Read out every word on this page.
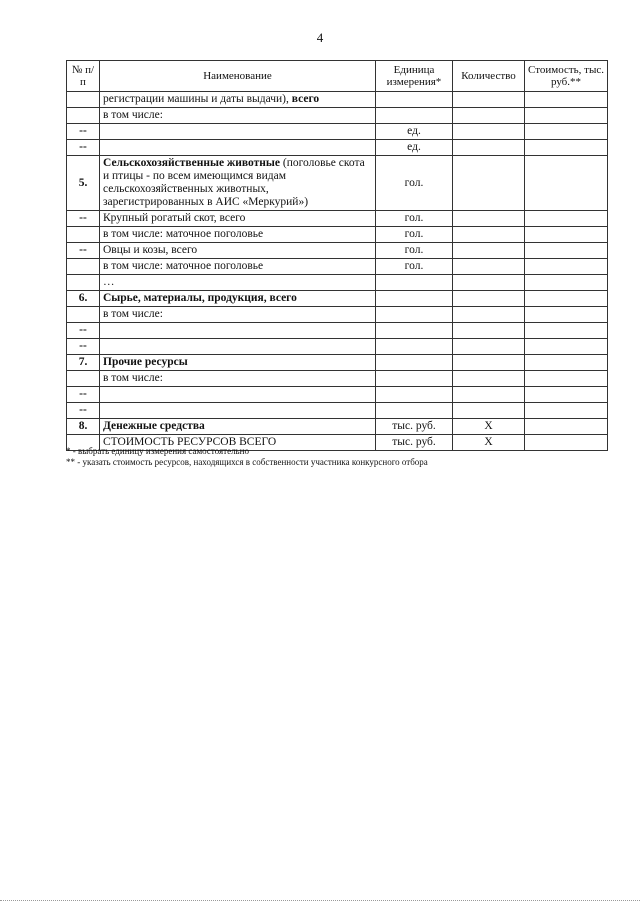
4
№ п/п	Наименование	Единица измерения*	Количество	Стоимость, тыс. руб.**
	регистрации машины и даты выдачи), всего			
	в том числе:			
--		ед.		
--		ед.		
5.	Сельскохозяйственные животные (поголовье скота и птицы - по всем имеющимся видам сельскохозяйственных животных, зарегистрированных в АИС «Меркурий»)	гол.		
--	Крупный рогатый скот, всего	гол.		
	в том числе: маточное поголовье	гол.		
--	Овцы и козы, всего	гол.		
	в том числе: маточное поголовье	гол.		
	…			
6.	Сырье, материалы, продукция, всего			
	в том числе:			
--				
--				
7.	Прочие ресурсы			
	в том числе:			
--				
--				
8.	Денежные средства	тыс. руб.	X	
	СТОИМОСТЬ РЕСУРСОВ ВСЕГО	тыс. руб.	X	
* - выбрать единицу измерения самостоятельно
** - указать стоимость ресурсов, находящихся в собственности участника конкурсного отбора
